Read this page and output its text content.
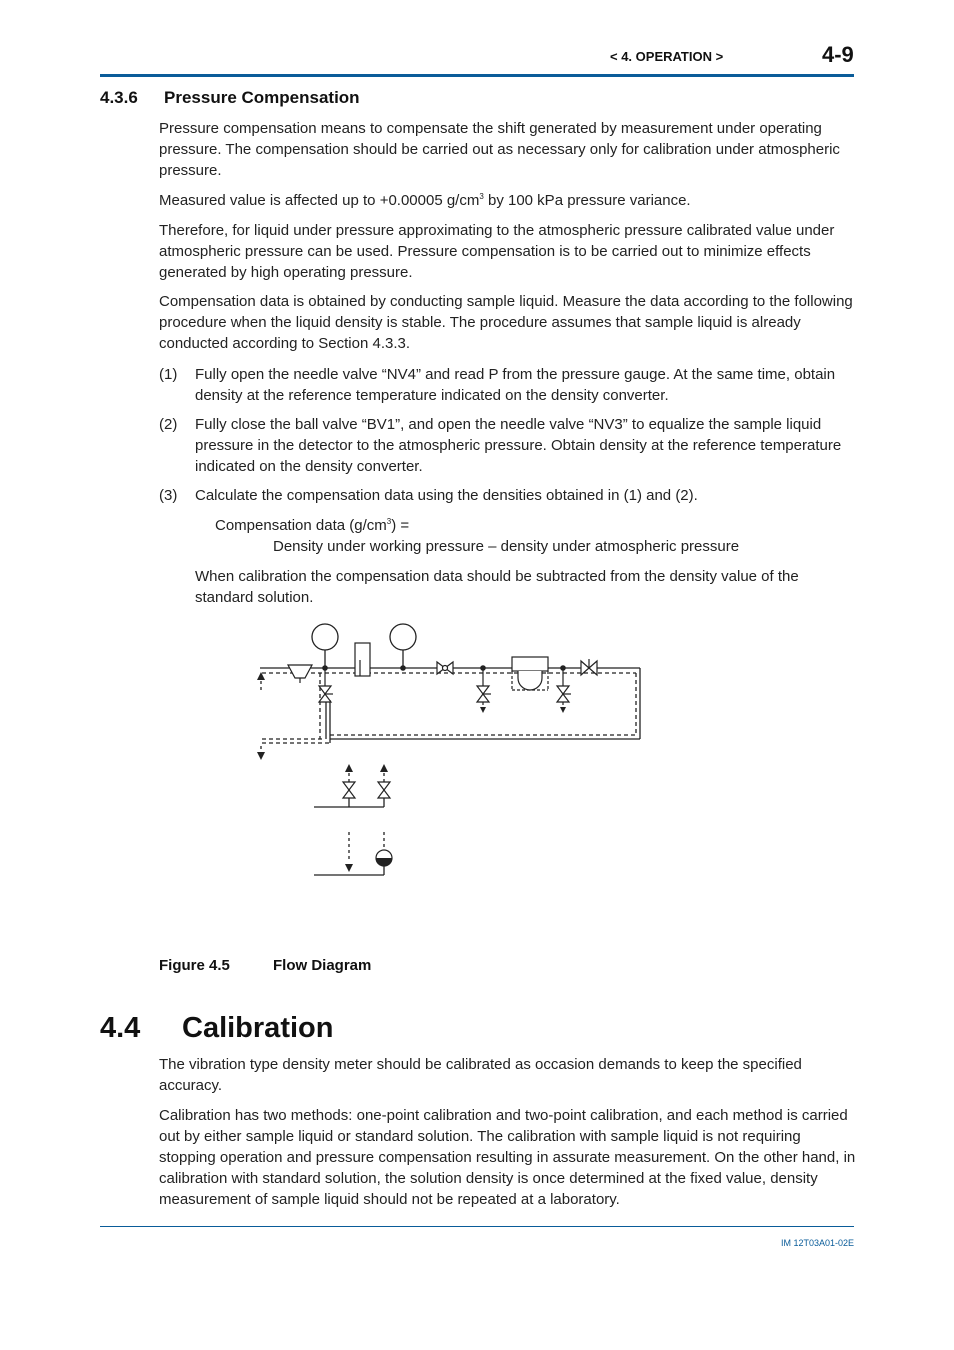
< 4. OPERATION >	4-9
4.3.6 Pressure Compensation
Pressure compensation means to compensate the shift generated by measurement under operating pressure. The compensation should be carried out as necessary only for calibration under atmospheric pressure.
Measured value is affected up to +0.00005 $g/cm^3$ by 100 kPa pressure variance.
Therefore, for liquid under pressure approximating to the atmospheric pressure calibrated value under atmospheric pressure can be used. Pressure compensation is to be carried out to minimize effects generated by high operating pressure.
Compensation data is obtained by conducting sample liquid. Measure the data according to the following procedure when the liquid density is stable. The procedure assumes that sample liquid is already conducted according to Section 4.3.3.
(1) Fully open the needle valve “NV4” and read P from the pressure gauge. At the same time, obtain density at the reference temperature indicated on the density converter.
(2) Fully close the ball valve “BV1”, and open the needle valve “NV3” to equalize the sample liquid pressure in the detector to the atmospheric pressure. Obtain density at the reference temperature indicated on the density converter.
(3) Calculate the compensation data using the densities obtained in (1) and (2).
Compensation data $(g/cm^3)$ =
Density under working pressure – density under atmospheric pressure
When calibration the compensation data should be subtracted from the density value of the standard solution.
Figure 4.5	Flow Diagram
4.4 Calibration
The vibration type density meter should be calibrated as occasion demands to keep the specified accuracy.
Calibration has two methods: one-point calibration and two-point calibration, and each method is carried out by either sample liquid or standard solution. The calibration with sample liquid is not requiring stopping operation and pressure compensation resulting in assurate measurement. On the other hand, in calibration with standard solution, the solution density is once determined at the fixed value, density measurement of sample liquid should not be repeated at a laboratory.
IM 12T03A01-02E
